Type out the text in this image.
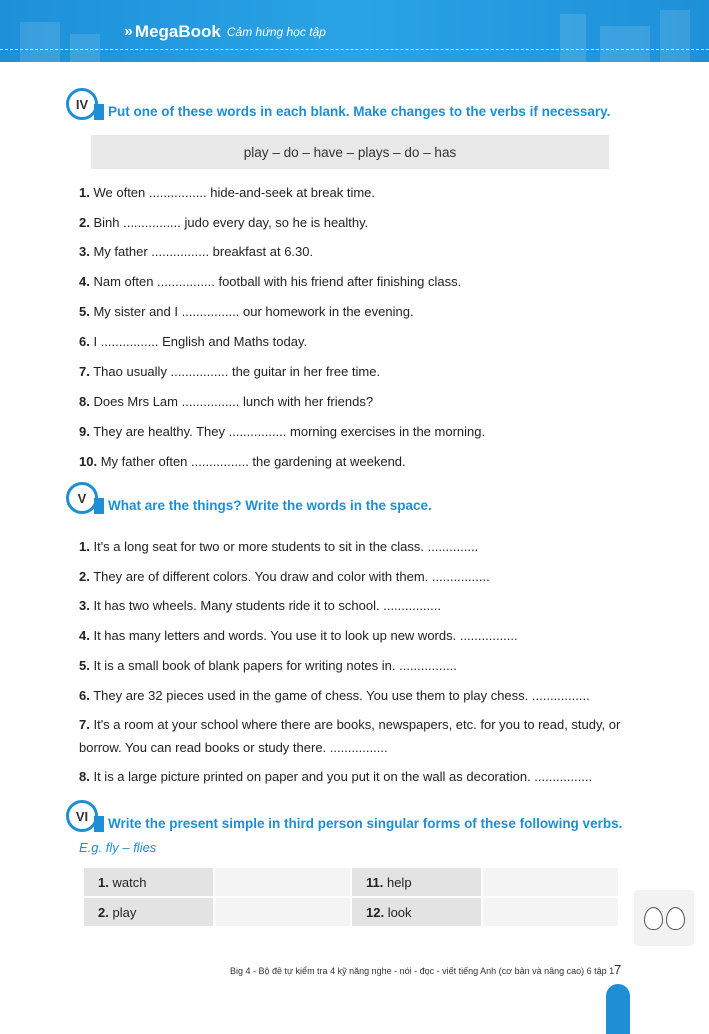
» MegaBook Cảm hứng học tập
IV	Put one of these words in each blank. Make changes to the verbs if necessary.
play – do – have – plays – do – has
1. We often ................ hide-and-seek at break time.
2. Binh ................ judo every day, so he is healthy.
3. My father ................ breakfast at 6.30.
4. Nam often ................ football with his friend after finishing class.
5. My sister and I ................ our homework in the evening.
6. I ................ English and Maths today.
7. Thao usually ................ the guitar in her free time.
8. Does Mrs Lam ................ lunch with her friends?
9. They are healthy. They ................ morning exercises in the morning.
10. My father often ................ the gardening at weekend.
V	What are the things? Write the words in the space.
1. It's a long seat for two or more students to sit in the class. ..............
2. They are of different colors. You draw and color with them. ................
3. It has two wheels. Many students ride it to school. ................
4. It has many letters and words. You use it to look up new words. ................
5. It is a small book of blank papers for writing notes in. ................
6. They are 32 pieces used in the game of chess. You use them to play chess. ................
7. It's a room at your school where there are books, newspapers, etc. for you to read, study, or
borrow. You can read books or study there. ................
8. It is a large picture printed on paper and you put it on the wall as decoration. ................
VI	Write the present simple in third person singular forms of these following verbs.
E.g. fly – flies
1. watch		11. help	
2. play		12. look	
Big 4 - Bộ đề tự kiểm tra 4 kỹ năng nghe - nói - đọc - viết tiếng Anh (cơ bản và nâng cao) 6 tập 1 7
